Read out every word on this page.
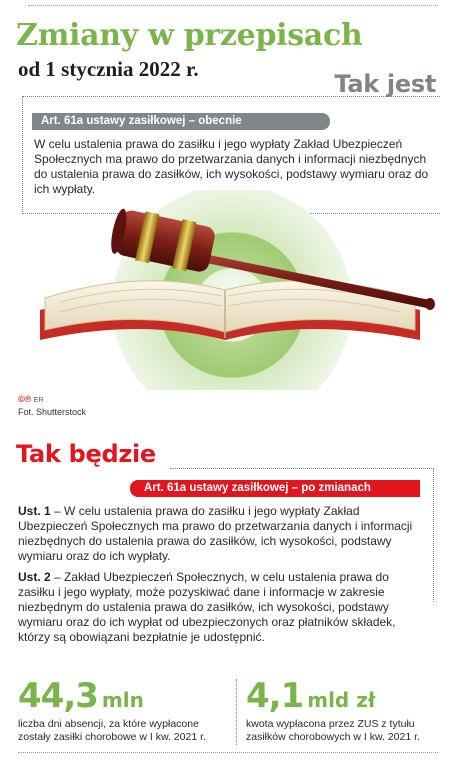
Zmiany w przepisach
od 1 stycznia 2022 r.
Tak jest
Art. 61a ustawy zasiłkowej – obecnie

W celu ustalenia prawa do zasiłku i jego wypłaty Zakład Ubezpieczeń Społecznych ma prawo do przetwarzania danych i informacji niezbędnych do ustalenia prawa do zasiłków, ich wysokości, podstawy wymiaru oraz do ich wypłaty.

©℗ ER
Fot. Shutterstock
Tak będzie
Art. 61a ustawy zasiłkowej – po zmianach

Ust. 1 – W celu ustalenia prawa do zasiłku i jego wypłaty Zakład Ubezpieczeń Społecznych ma prawo do przetwarzania danych i informacji niezbędnych do ustalenia prawa do zasiłków, ich wysokości, podstawy wymiaru oraz do ich wypłaty.

Ust. 2 – Zakład Ubezpieczeń Społecznych, w celu ustalenia prawa do zasiłku i jego wypłaty, może pozyskiwać dane i informacje w zakresie niezbędnym do ustalenia prawa do zasiłków, ich wysokości, podstawy wymiaru oraz do ich wypłat od ubezpieczonych oraz płatników składek, którzy są obowiązani bezpłatnie je udostępnić.

44,3 mln

liczba dni absencji, za które wypłacone zostały zasiłki chorobowe w I kw. 2021 r.

4,1 mld zł

kwota wypłacona przez ZUS z tytułu zasiłków chorobowych w I kw. 2021 r.
